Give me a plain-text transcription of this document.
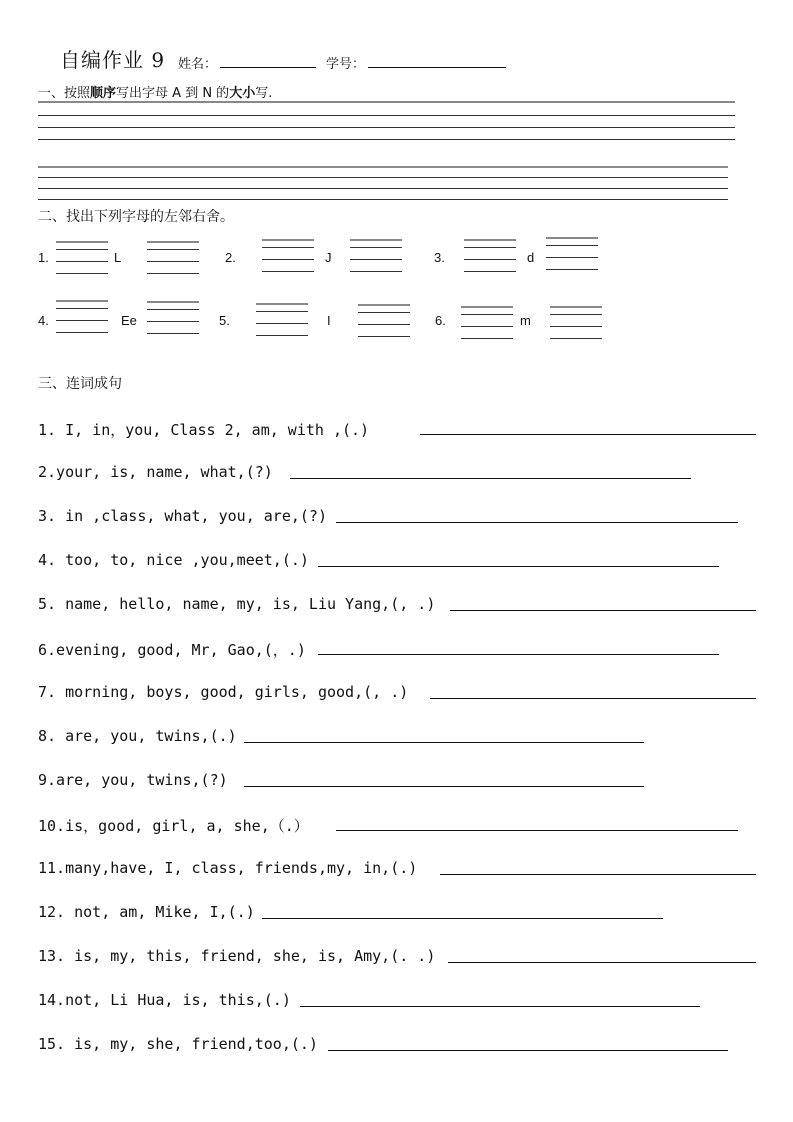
自编作业 9 姓名：	学号：
一、按照顺序写出字母 A 到 N 的大小写.
二、找出下列字母的左邻右舍。
1.	L	2.	J	3.	d
4.	Ee	5.	I	6.	m
三、连词成句
1. I, in，you, Class 2, am, with ,(.)
2.your, is, name, what,(?)
3. in ,class, what, you, are,(?)
4. too, to, nice ,you,meet,(.)
5. name, hello, name, my, is, Liu Yang,(, .)
6.evening, good, Mr, Gao,(，.)
7. morning, boys, good, girls, good,(, .)
8. are, you, twins,(.)
9.are, you, twins,(?)
10.is，good, girl, a, she,（.）
11.many,have, I, class, friends,my, in,(.)
12. not, am, Mike, I,(.)
13. is, my, this, friend, she, is, Amy,(. .)
14.not, Li Hua, is, this,(.)
15. is, my, she, friend,too,(.)
